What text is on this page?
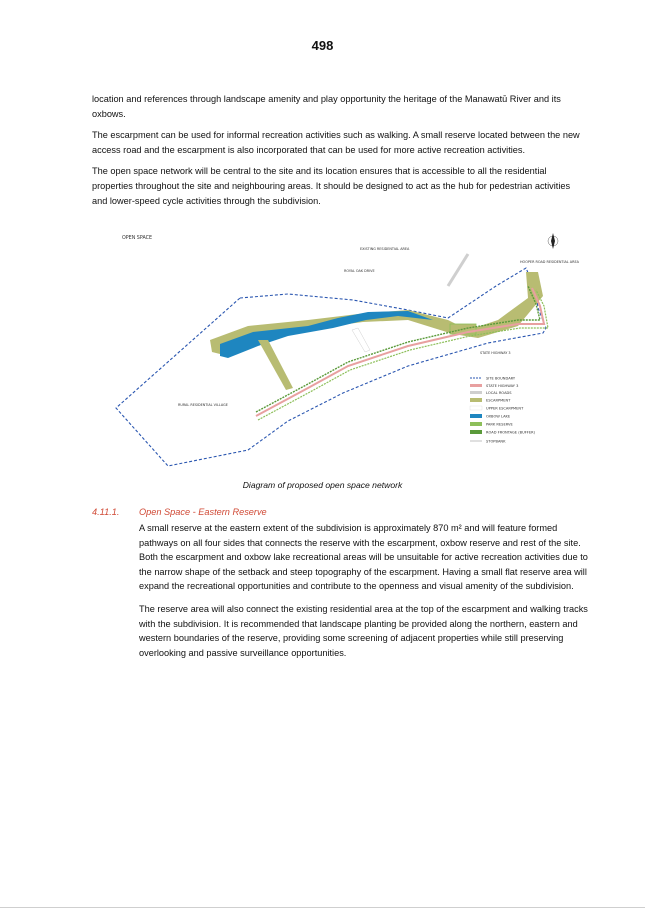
498

location and references through landscape amenity and play opportunity the heritage of the Manawatū River and its oxbows.

The escarpment can be used for informal recreation activities such as walking. A small reserve located between the new access road and the escarpment is also incorporated that can be used for more active recreation activities.

The open space network will be central to the site and its location ensures that is accessible to all the residential properties throughout the site and neighbouring areas. It should be designed to act as the hub for pedestrian activities and lower-speed cycle activities through the subdivision.

OPEN SPACE
EXISTING RESIDENTIAL AREA
ROYAL OAK DRIVE
HOOPER ROAD RESIDENTIAL AREA
RURAL RESIDENTIAL VILLAGE
STATE HIGHWAY 3
SITE BOUNDARY
STATE HIGHWAY 3
LOCAL ROADS
ESCARPMENT
UPPER ESCARPMENT
OXBOW LAKE
PARK RESERVE
ROAD FRONTAGE (BUFFER)
STOPBANK
Diagram of proposed open space network
4.11.1. Open Space - Eastern Reserve

A small reserve at the eastern extent of the subdivision is approximately 870 m² and will feature formed pathways on all four sides that connects the reserve with the escarpment, oxbow reserve and rest of the site. Both the escarpment and oxbow lake recreational areas will be unsuitable for active recreation activities due to the narrow shape of the setback and steep topography of the escarpment. Having a small flat reserve area will expand the recreational opportunities and contribute to the openness and visual amenity of the subdivision.

The reserve area will also connect the existing residential area at the top of the escarpment and walking tracks with the subdivision. It is recommended that landscape planting be provided along the northern, eastern and western boundaries of the reserve, providing some screening of adjacent properties while still preserving overlooking and passive surveillance opportunities.
